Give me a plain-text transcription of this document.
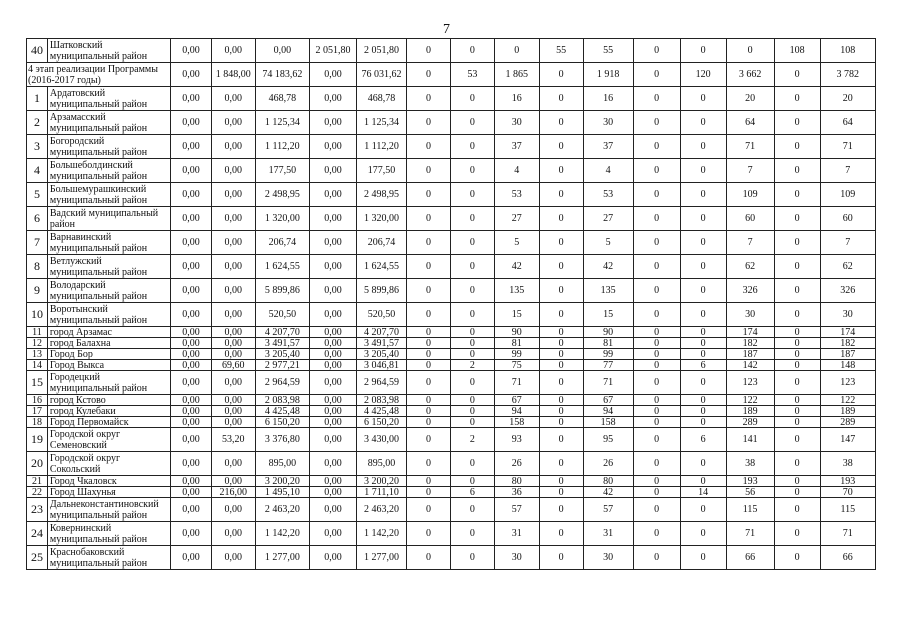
7
40	Шатковский муниципальный район	0,00	0,00	0,00	2 051,80	2 051,80	0	0	0	55	55	0	0	0	108	108
4 этап реализации Программы (2016-2017 годы)		0,00	1 848,00	74 183,62	0,00	76 031,62	0	53	1 865	0	1 918	0	120	3 662	0	3 782
1	Ардатовский муниципальный район	0,00	0,00	468,78	0,00	468,78	0	0	16	0	16	0	0	20	0	20
2	Арзамасский муниципальный район	0,00	0,00	1 125,34	0,00	1 125,34	0	0	30	0	30	0	0	64	0	64
3	Богородский муниципальный район	0,00	0,00	1 112,20	0,00	1 112,20	0	0	37	0	37	0	0	71	0	71
4	Большеболдинский муниципальный район	0,00	0,00	177,50	0,00	177,50	0	0	4	0	4	0	0	7	0	7
5	Большемурашкинский муниципальный район	0,00	0,00	2 498,95	0,00	2 498,95	0	0	53	0	53	0	0	109	0	109
6	Вадский муниципальный район	0,00	0,00	1 320,00	0,00	1 320,00	0	0	27	0	27	0	0	60	0	60
7	Варнавинский муниципальный район	0,00	0,00	206,74	0,00	206,74	0	0	5	0	5	0	0	7	0	7
8	Ветлужский муниципальный район	0,00	0,00	1 624,55	0,00	1 624,55	0	0	42	0	42	0	0	62	0	62
9	Володарский муниципальный район	0,00	0,00	5 899,86	0,00	5 899,86	0	0	135	0	135	0	0	326	0	326
10	Воротынский муниципальный район	0,00	0,00	520,50	0,00	520,50	0	0	15	0	15	0	0	30	0	30
11	город Арзамас	0,00	0,00	4 207,70	0,00	4 207,70	0	0	90	0	90	0	0	174	0	174
12	город Балахна	0,00	0,00	3 491,57	0,00	3 491,57	0	0	81	0	81	0	0	182	0	182
13	Город Бор	0,00	0,00	3 205,40	0,00	3 205,40	0	0	99	0	99	0	0	187	0	187
14	Город Выкса	0,00	69,60	2 977,21	0,00	3 046,81	0	2	75	0	77	0	6	142	0	148
15	Городецкий муниципальный район	0,00	0,00	2 964,59	0,00	2 964,59	0	0	71	0	71	0	0	123	0	123
16	город Кстово	0,00	0,00	2 083,98	0,00	2 083,98	0	0	67	0	67	0	0	122	0	122
17	город Кулебаки	0,00	0,00	4 425,48	0,00	4 425,48	0	0	94	0	94	0	0	189	0	189
18	Город Первомайск	0,00	0,00	6 150,20	0,00	6 150,20	0	0	158	0	158	0	0	289	0	289
19	Городской округ Семеновский	0,00	53,20	3 376,80	0,00	3 430,00	0	2	93	0	95	0	6	141	0	147
20	Городской округ Сокольский	0,00	0,00	895,00	0,00	895,00	0	0	26	0	26	0	0	38	0	38
21	Город Чкаловск	0,00	0,00	3 200,20	0,00	3 200,20	0	0	80	0	80	0	0	193	0	193
22	Город Шахунья	0,00	216,00	1 495,10	0,00	1 711,10	0	6	36	0	42	0	14	56	0	70
23	Дальнеконстантиновский муниципальный район	0,00	0,00	2 463,20	0,00	2 463,20	0	0	57	0	57	0	0	115	0	115
24	Ковернинский муниципальный район	0,00	0,00	1 142,20	0,00	1 142,20	0	0	31	0	31	0	0	71	0	71
25	Краснобаковский муниципальный район	0,00	0,00	1 277,00	0,00	1 277,00	0	0	30	0	30	0	0	66	0	66
